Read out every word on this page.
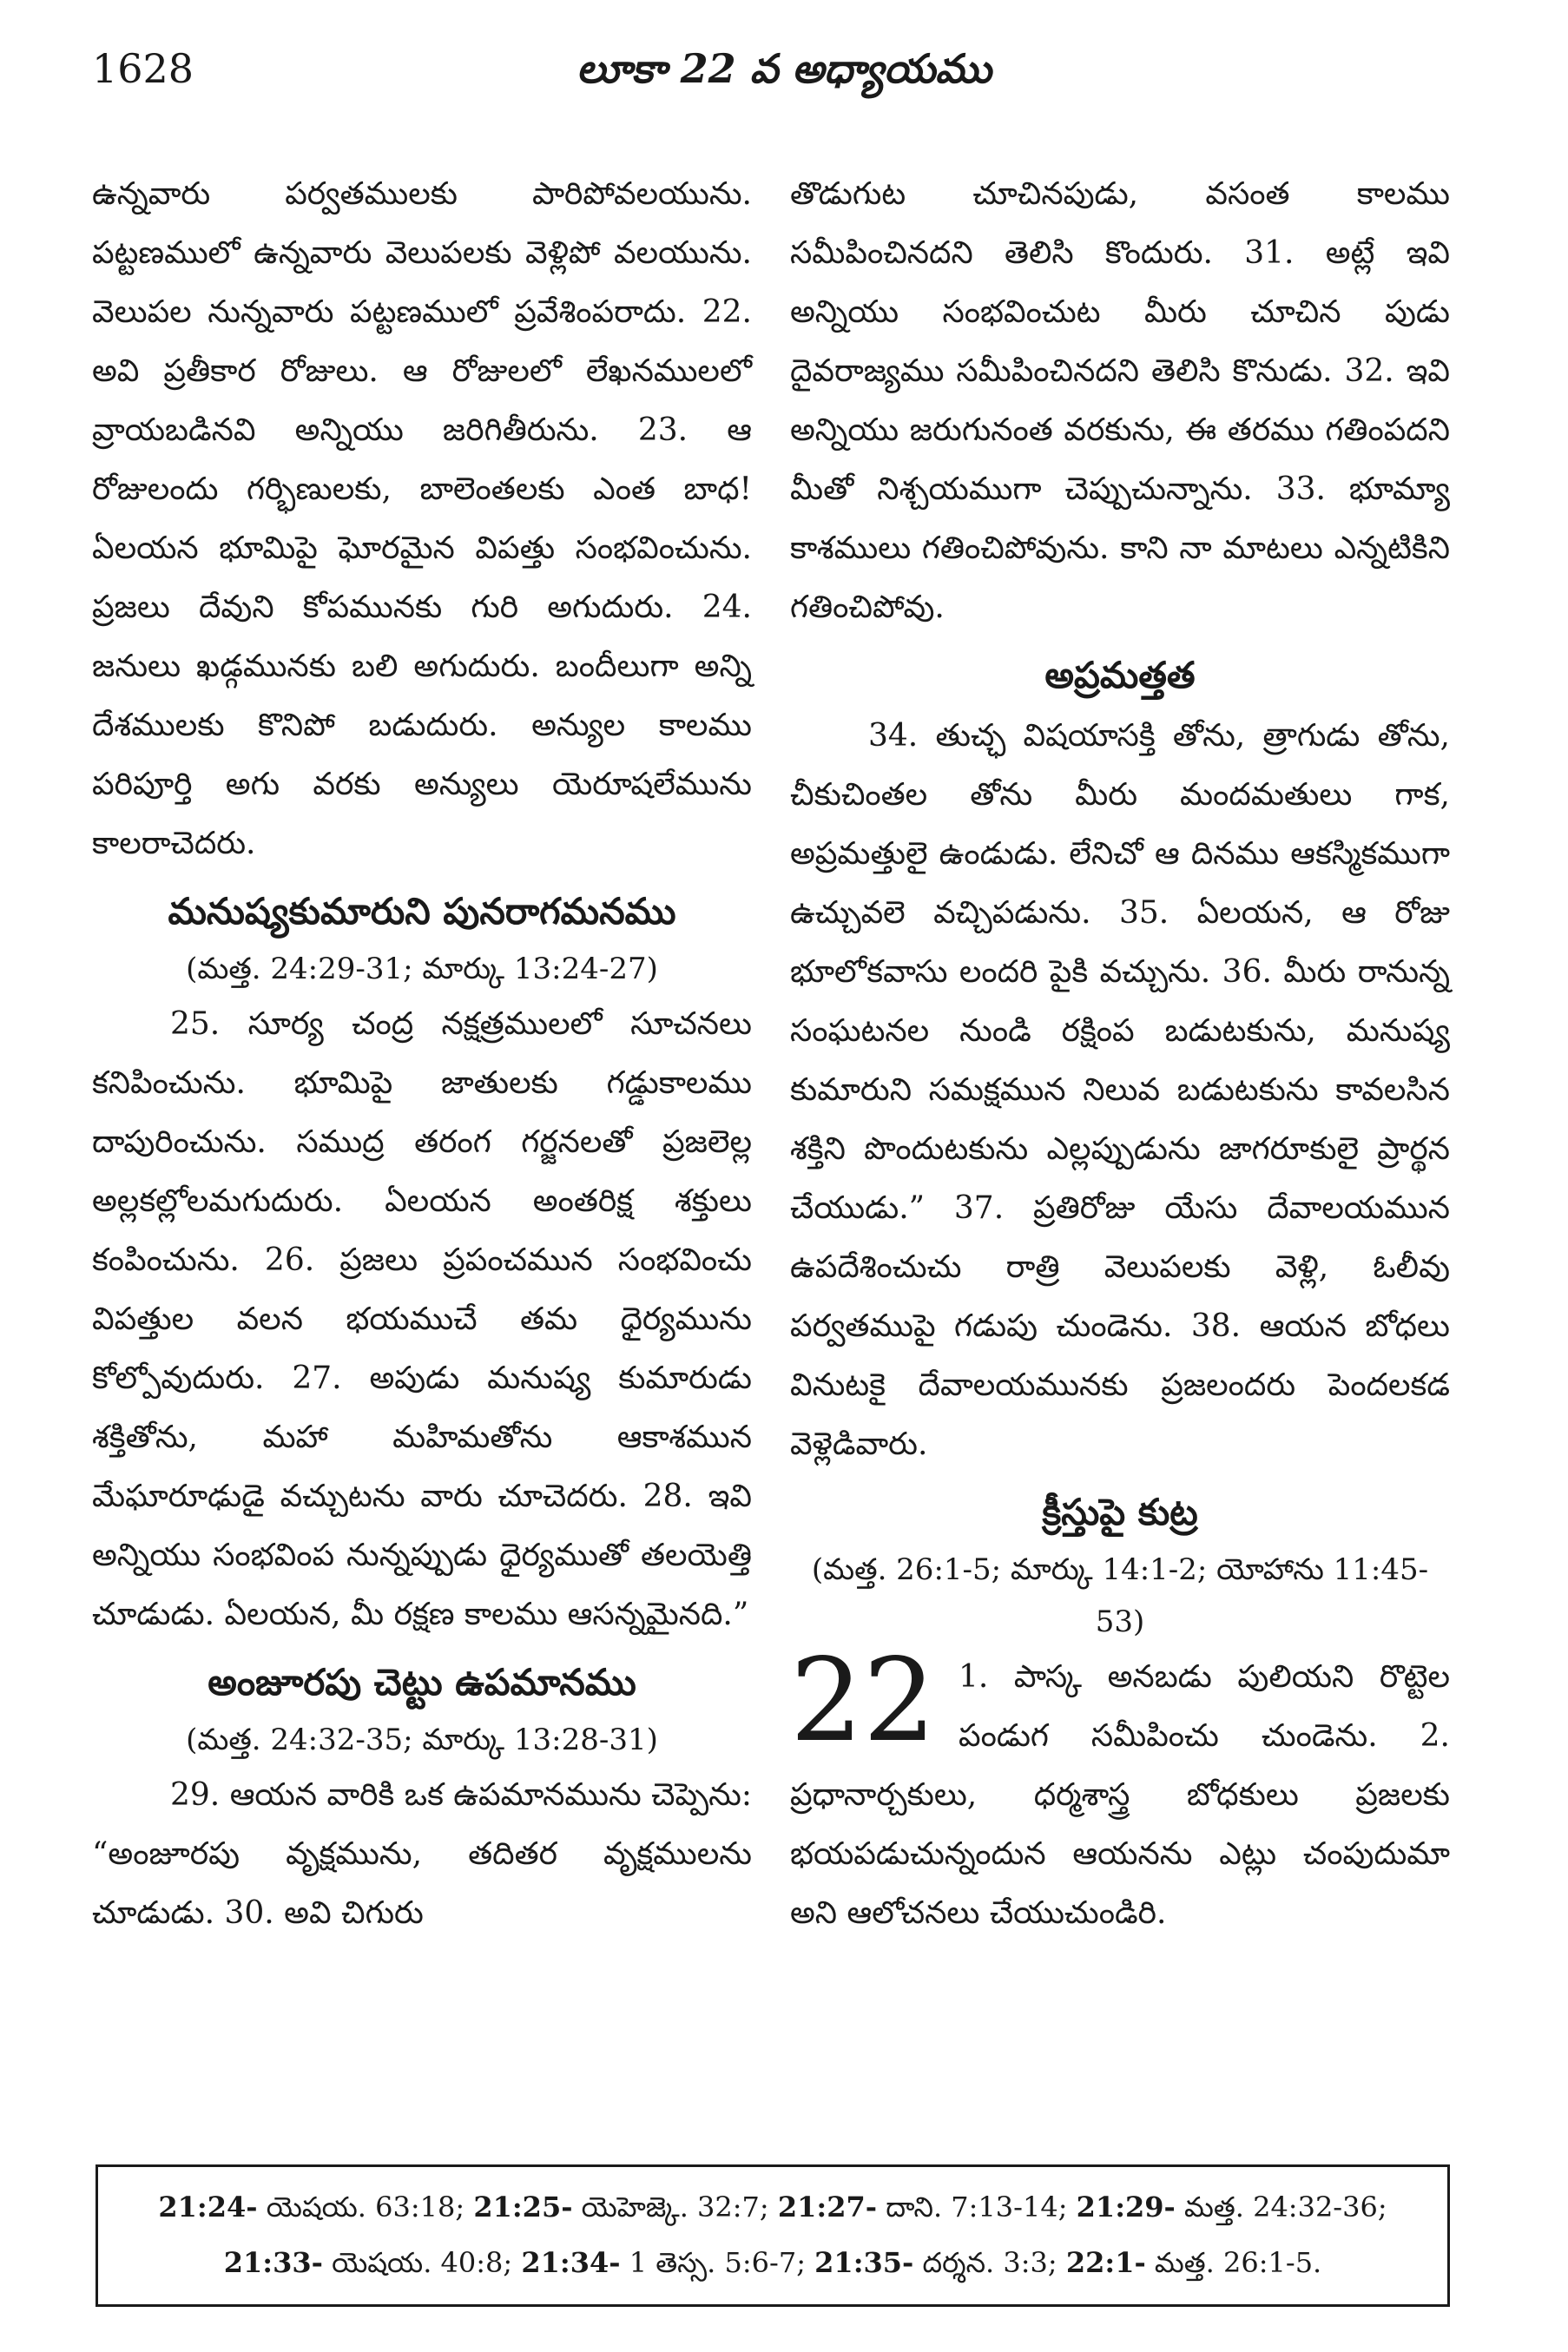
1628	లూకా 22 వ అధ్యాయము

ఉన్నవారు పర్వతములకు పారిపోవలయును. పట్టణములో ఉన్నవారు వెలుపలకు వెళ్లిపో వలయును. వెలుపల నున్నవారు పట్టణములో ప్రవేశింపరాదు. 22. అవి ప్రతీకార రోజులు. ఆ రోజులలో లేఖనములలో వ్రాయబడినవి అన్నియు జరిగితీరును. 23. ఆ రోజులందు గర్భిణులకు, బాలెంతలకు ఎంత బాధ! ఏలయన భూమిపై ఘోరమైన విపత్తు సంభవించును. ప్రజలు దేవుని కోపమునకు గురి అగుదురు. 24. జనులు ఖడ్గమునకు బలి అగుదురు. బందీలుగా అన్ని దేశములకు కొనిపో బడుదురు. అన్యుల కాలము పరిపూర్తి అగు వరకు అన్యులు యెరూషలేమును కాలరాచెదరు.

మనుష్యకుమారుని పునరాగమనము

(మత్త. 24:29-31; మార్కు 13:24-27)

25. సూర్య చంద్ర నక్షత్రములలో సూచనలు కనిపించును. భూమిపై జాతులకు గడ్డుకాలము దాపురించును. సముద్ర తరంగ గర్జనలతో ప్రజలెల్ల అల్లకల్లోలమగుదురు. ఏలయన అంతరిక్ష శక్తులు కంపించును. 26. ప్రజలు ప్రపంచమున సంభవించు విపత్తుల వలన భయముచే తమ ధైర్యమును కోల్పోవుదురు. 27. అపుడు మనుష్య కుమారుడు శక్తితోను, మహా మహిమతోను ఆకాశమున మేఘారూఢుడై వచ్చుటను వారు చూచెదరు. 28. ఇవి అన్నియు సంభవింప నున్నప్పుడు ధైర్యముతో తలయెత్తి చూడుడు. ఏలయన, మీ రక్షణ కాలము ఆసన్నమైనది.”

అంజూరపు చెట్టు ఉపమానము

(మత్త. 24:32-35; మార్కు 13:28-31)

29. ఆయన వారికి ఒక ఉపమానమును చెప్పెను: “అంజూరపు వృక్షమును, తదితర వృక్షములను చూడుడు. 30. అవి చిగురు

తొడుగుట చూచినపుడు, వసంత కాలము సమీపించినదని తెలిసి కొందురు. 31. అట్లే ఇవి అన్నియు సంభవించుట మీరు చూచిన పుడు దైవరాజ్యము సమీపించినదని తెలిసి కొనుడు. 32. ఇవి అన్నియు జరుగునంత వరకును, ఈ తరము గతింపదని మీతో నిశ్చయముగా చెప్పుచున్నాను. 33. భూమ్యా కాశములు గతించిపోవును. కాని నా మాటలు ఎన్నటికిని గతించిపోవు.

అప్రమత్తత

34. తుచ్ఛ విషయాసక్తి తోను, త్రాగుడు తోను, చీకుచింతల తోను మీరు మందమతులు గాక, అప్రమత్తులై ఉండుడు. లేనిచో ఆ దినము ఆకస్మికముగా ఉచ్చువలె వచ్చిపడును. 35. ఏలయన, ఆ రోజు భూలోకవాసు లందరి పైకి వచ్చును. 36. మీరు రానున్న సంఘటనల నుండి రక్షింప బడుటకును, మనుష్య కుమారుని సమక్షమున నిలువ బడుటకును కావలసిన శక్తిని పొందుటకును ఎల్లప్పుడును జాగరూకులై ప్రార్థన చేయుడు.” 37. ప్రతిరోజు యేసు దేవాలయమున ఉపదేశించుచు రాత్రి వెలుపలకు వెళ్లి, ఓలీవు పర్వతముపై గడుపు చుండెను. 38. ఆయన బోధలు వినుటకై దేవాలయమునకు ప్రజలందరు పెందలకడ వెళ్లెడివారు.

క్రీస్తుపై కుట్ర

(మత్త. 26:1-5; మార్కు 14:1-2; యోహాను 11:45-53)

22 1. పాస్క అనబడు పులియని రొట్టెల పండుగ సమీపించు చుండెను. 2. ప్రధానార్చకులు, ధర్మశాస్త్ర బోధకులు ప్రజలకు భయపడుచున్నందున ఆయనను ఎట్లు చంపుదుమా అని ఆలోచనలు చేయుచుండిరి.

21:24- యెషయ. 63:18; 21:25- యెహెజ్కె. 32:7; 21:27- దాని. 7:13-14; 21:29- మత్త. 24:32-36;

21:33- యెషయ. 40:8; 21:34- 1 తెస్స. 5:6-7; 21:35- దర్శన. 3:3; 22:1- మత్త. 26:1-5.
